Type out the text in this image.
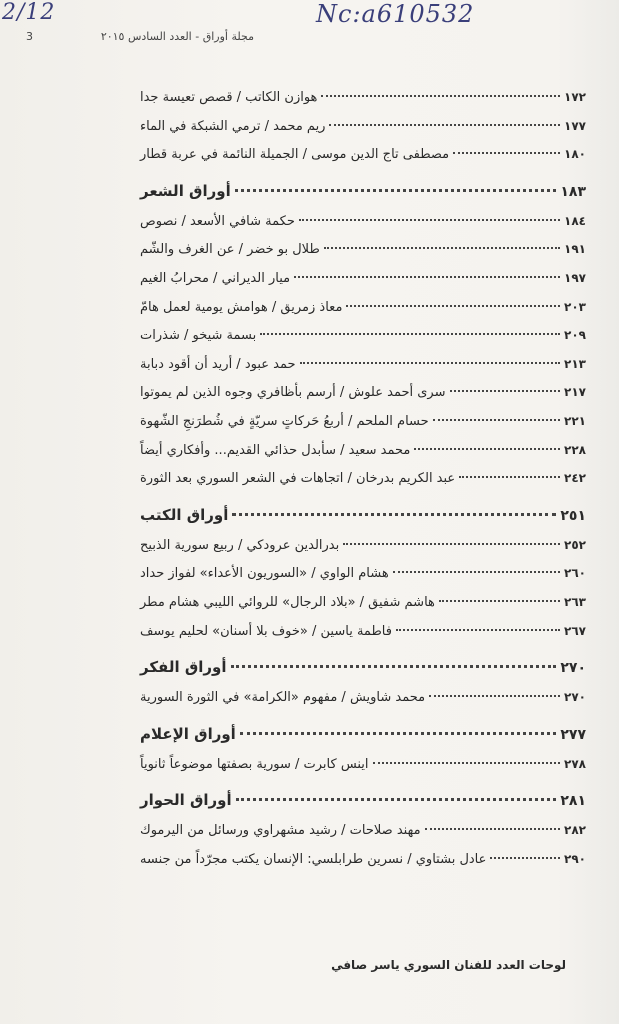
2/12	Nc:a610532
3	مجلة أوراق - العدد السادس ٢٠١٥
هوازن الكاتب / قصص تعيسة جدا	١٧٢
ريم محمد / ترمي الشبكة في الماء	١٧٧
مصطفى تاج الدين موسى / الجميلة النائمة في عربة قطار	١٨٠
أوراق الشعر	١٨٣
حكمة شافي الأسعد / نصوص	١٨٤
طلال بو خضر / عن الغرف والشّم	١٩١
ميار الديراني / محرابُ الغيم	١٩٧
معاذ زمريق / هوامش يومية لعمل هامّ	٢٠٣
بسمة شيخو / شذرات	٢٠٩
حمد عبود / أريد أن أقود دبابة	٢١٣
سرى أحمد علوش / أرسم بأظافري وجوه الذين لم يموتوا	٢١٧
حسام الملحم / أربعُ حَركاتٍ سريّةٍ في شُطرَنجِ الشّهوة	٢٢١
محمد سعيد / سأبدل حذائي القديم... وأفكاري أيضاً	٢٢٨
عبد الكريم بدرخان / اتجاهات في الشعر السوري بعد الثورة	٢٤٢
أوراق الكتب	٢٥١
بدرالدين عرودكي / ربيع سورية الذبيح	٢٥٢
هشام الواوي / «السوريون الأعداء» لفواز حداد	٢٦٠
هاشم شفيق / «بلاد الرجال» للروائي الليبي هشام مطر	٢٦٣
فاطمة ياسين / «خوف بلا أسنان» لحليم يوسف	٢٦٧
أوراق الفكر	٢٧٠
محمد شاويش / مفهوم «الكرامة» في الثورة السورية	٢٧٠
أوراق الإعلام	٢٧٧
اينس كابرت / سورية بصفتها موضوعاً ثانوياً	٢٧٨
أوراق الحوار	٢٨١
مهند صلاحات / رشيد مشهراوي ورسائل من اليرموك	٢٨٢
عادل بشتاوي / نسرين طرابلسي: الإنسان يكتب مجرّداً من جنسه	٢٩٠
لوحات العدد للفنان السوري ياسر صافي
